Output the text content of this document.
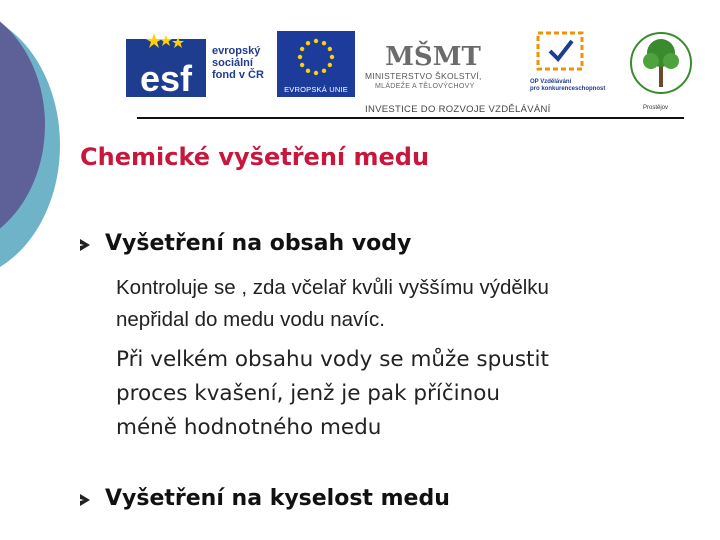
esf
evropský
sociální
fond v ČR
EVROPSKÁ UNIE
MŠMT
MINISTERSTVO ŠKOLSTVÍ,
MLÁDEŽE A TĚLOVÝCHOVY
OP Vzdělávání
pro konkurenceschopnost
Prostějov
INVESTICE DO ROZVOJE VZDĚLÁVÁNÍ
Chemické vyšetření medu
Vyšetření na obsah vody
Kontroluje se , zda včelař kvůli vyššímu výdělku
nepřidal do medu vodu navíc.
Při velkém obsahu vody se může spustit
proces kvašení, jenž je pak příčinou
méně hodnotného medu
Vyšetření na kyselost medu
